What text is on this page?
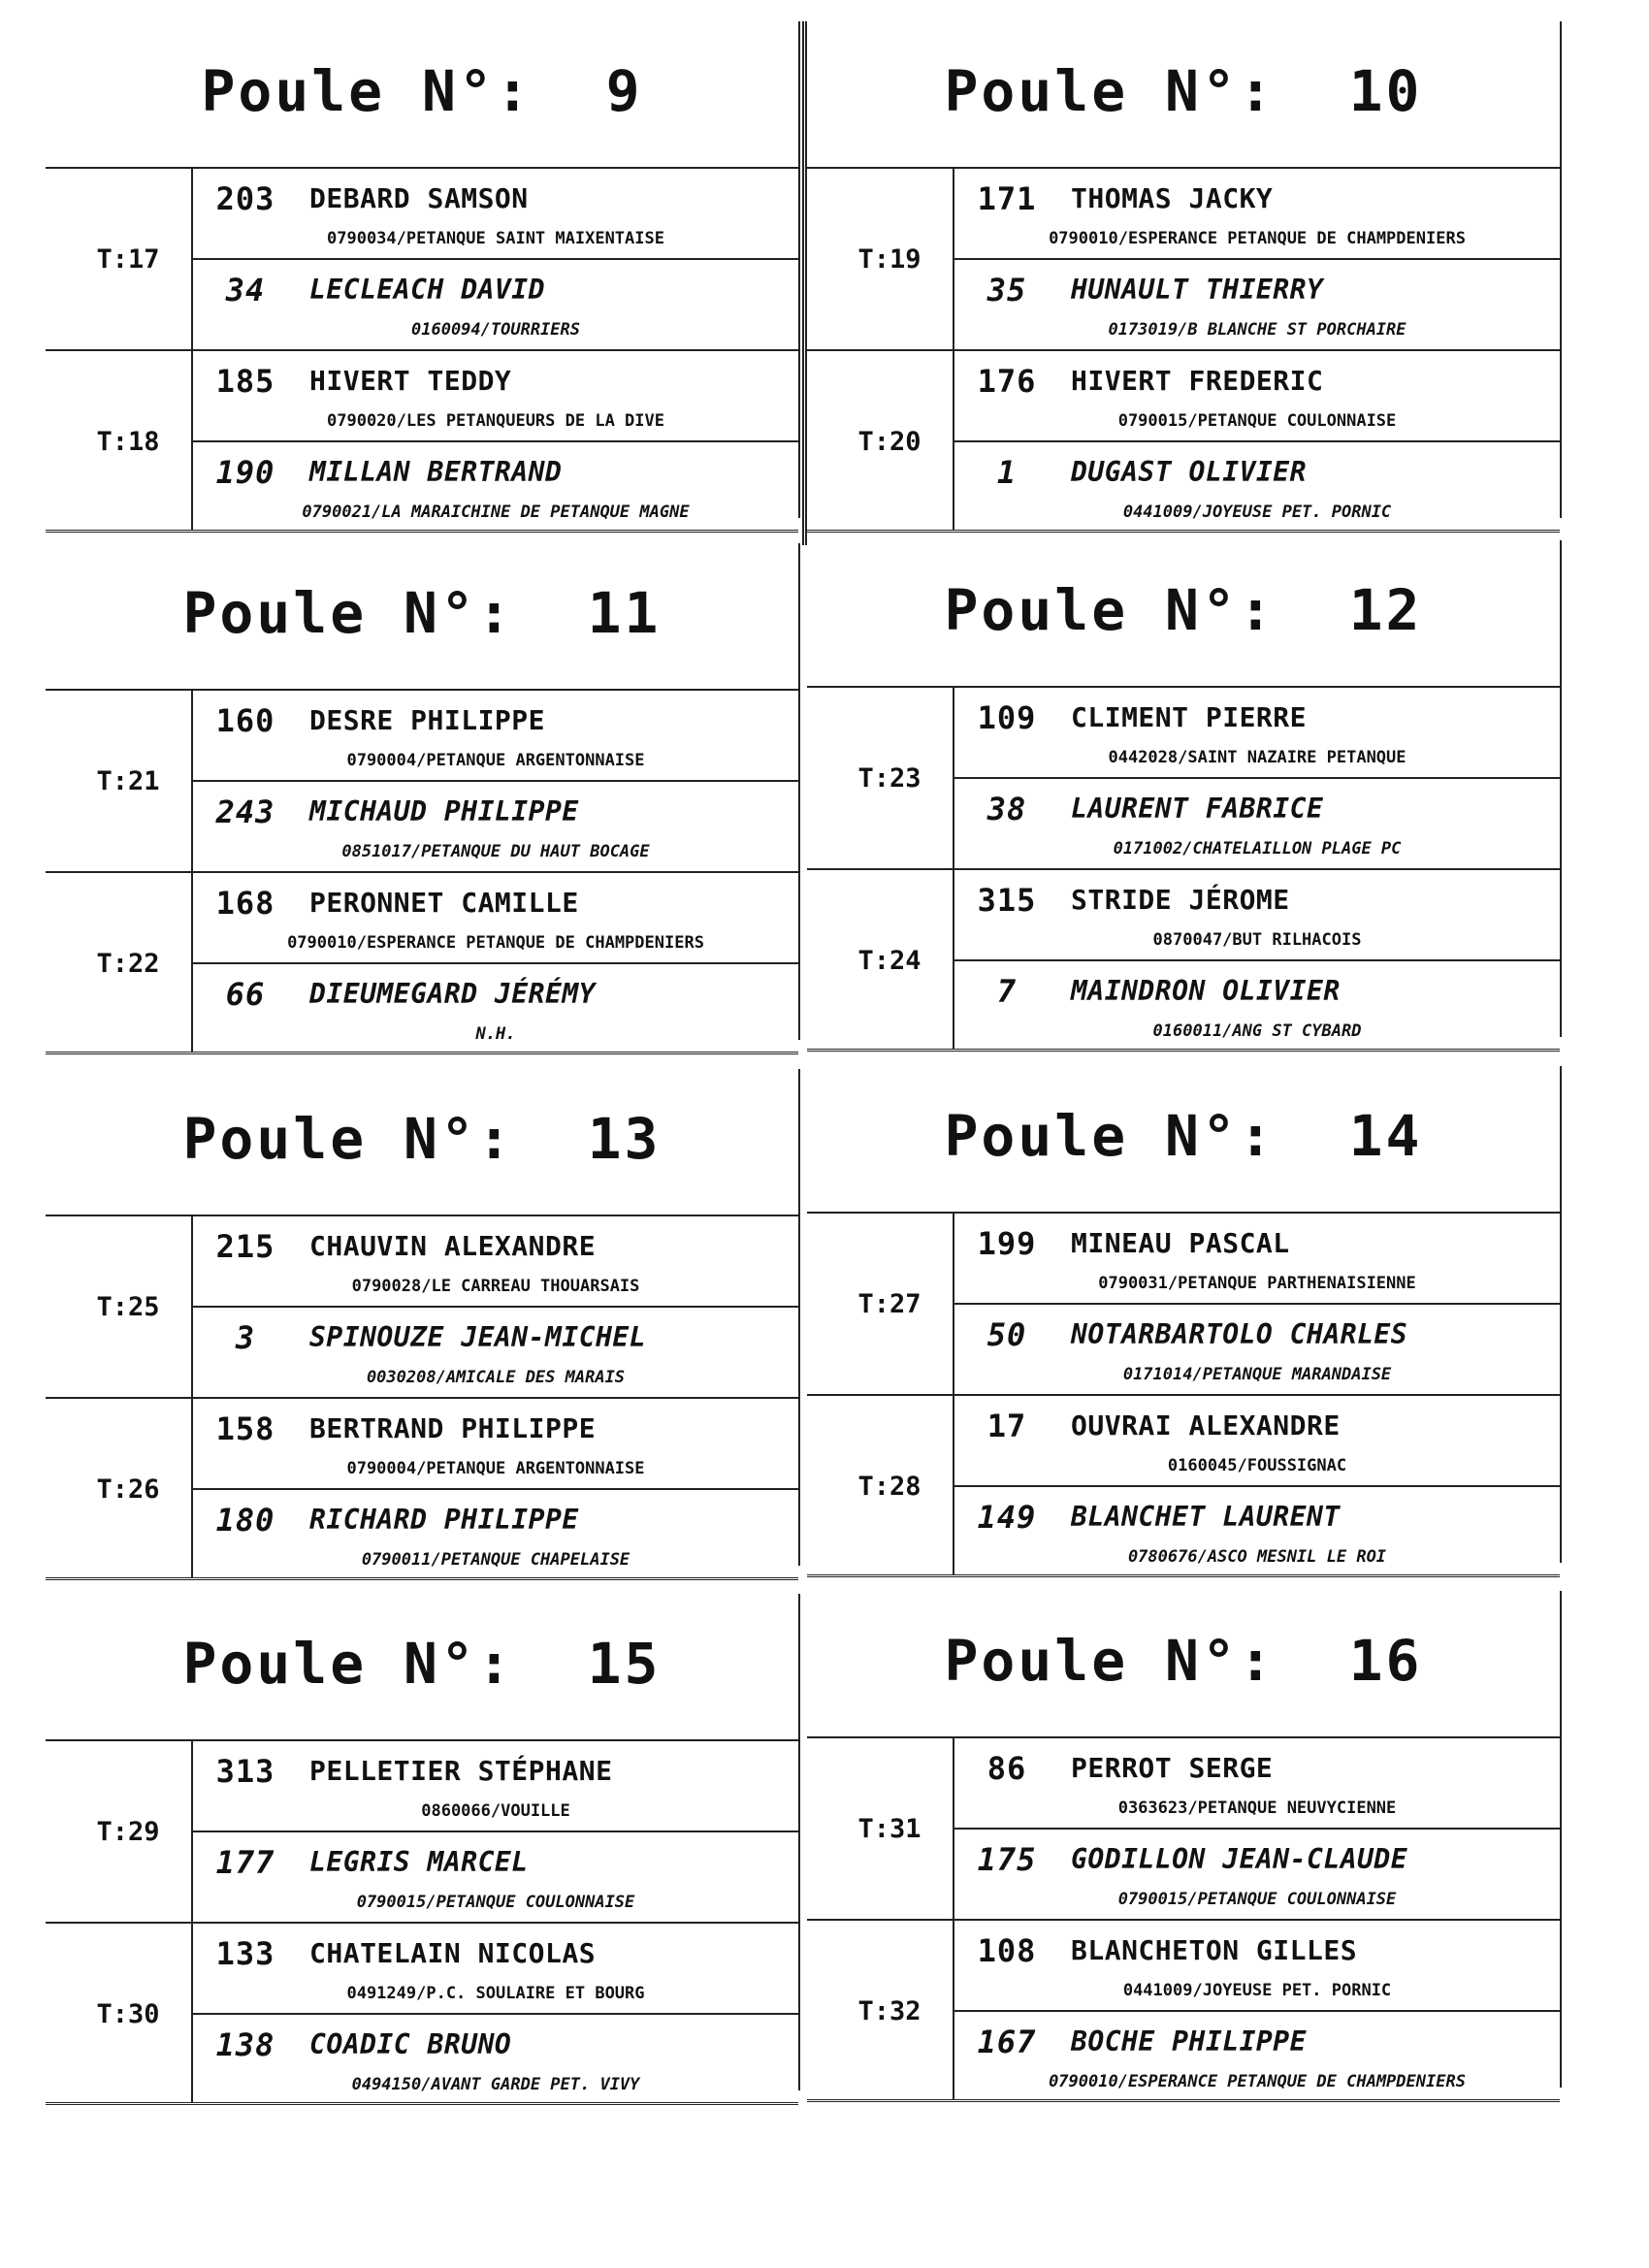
Poule N°:  9
T:17
203	DEBARD SAMSON
0790034/PETANQUE SAINT MAIXENTAISE
34	LECLEACH DAVID
0160094/TOURRIERS
T:18
185	HIVERT TEDDY
0790020/LES PETANQUEURS DE LA DIVE
190	MILLAN BERTRAND
0790021/LA MARAICHINE DE PETANQUE MAGNE
Poule N°:  10
T:19
171	THOMAS JACKY
0790010/ESPERANCE PETANQUE DE CHAMPDENIERS
35	HUNAULT THIERRY
0173019/B BLANCHE ST PORCHAIRE
T:20
176	HIVERT FREDERIC
0790015/PETANQUE COULONNAISE
1	DUGAST OLIVIER
0441009/JOYEUSE PET. PORNIC
Poule N°:  11
T:21
160	DESRE PHILIPPE
0790004/PETANQUE ARGENTONNAISE
243	MICHAUD PHILIPPE
0851017/PETANQUE DU HAUT BOCAGE
T:22
168	PERONNET CAMILLE
0790010/ESPERANCE PETANQUE DE CHAMPDENIERS
66	DIEUMEGARD JÉRÉMY
N.H.
Poule N°:  12
T:23
109	CLIMENT PIERRE
0442028/SAINT NAZAIRE PETANQUE
38	LAURENT FABRICE
0171002/CHATELAILLON PLAGE PC
T:24
315	STRIDE JÉROME
0870047/BUT RILHACOIS
7	MAINDRON OLIVIER
0160011/ANG ST CYBARD
Poule N°:  13
T:25
215	CHAUVIN ALEXANDRE
0790028/LE CARREAU THOUARSAIS
3	SPINOUZE JEAN-MICHEL
0030208/AMICALE DES MARAIS
T:26
158	BERTRAND PHILIPPE
0790004/PETANQUE ARGENTONNAISE
180	RICHARD PHILIPPE
0790011/PETANQUE CHAPELAISE
Poule N°:  14
T:27
199	MINEAU PASCAL
0790031/PETANQUE PARTHENAISIENNE
50	NOTARBARTOLO CHARLES
0171014/PETANQUE MARANDAISE
T:28
17	OUVRAI ALEXANDRE
0160045/FOUSSIGNAC
149	BLANCHET LAURENT
0780676/ASCO MESNIL LE ROI
Poule N°:  15
T:29
313	PELLETIER STÉPHANE
0860066/VOUILLE
177	LEGRIS MARCEL
0790015/PETANQUE COULONNAISE
T:30
133	CHATELAIN NICOLAS
0491249/P.C. SOULAIRE ET BOURG
138	COADIC BRUNO
0494150/AVANT GARDE PET. VIVY
Poule N°:  16
T:31
86	PERROT SERGE
0363623/PETANQUE NEUVYCIENNE
175	GODILLON JEAN-CLAUDE
0790015/PETANQUE COULONNAISE
T:32
108	BLANCHETON GILLES
0441009/JOYEUSE PET. PORNIC
167	BOCHE PHILIPPE
0790010/ESPERANCE PETANQUE DE CHAMPDENIERS
